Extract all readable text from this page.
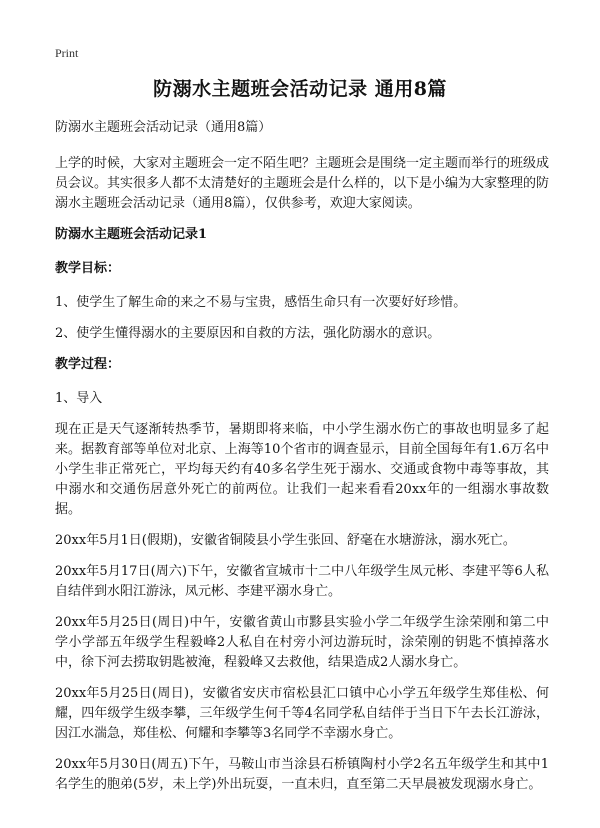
Print
防溺水主题班会活动记录 通用8篇

防溺水主题班会活动记录（通用8篇）

上学的时候，大家对主题班会一定不陌生吧？主题班会是围绕一定主题而举行的班级成员会议。其实很多人都不太清楚好的主题班会是什么样的，以下是小编为大家整理的防溺水主题班会活动记录（通用8篇），仅供参考，欢迎大家阅读。

防溺水主题班会活动记录1

教学目标：

1、使学生了解生命的来之不易与宝贵，感悟生命只有一次要好好珍惜。

2、使学生懂得溺水的主要原因和自救的方法，强化防溺水的意识。

教学过程：

1、导入

现在正是天气逐渐转热季节，暑期即将来临，中小学生溺水伤亡的事故也明显多了起来。据教育部等单位对北京、上海等10个省市的调查显示，目前全国每年有1.6万名中小学生非正常死亡，平均每天约有40多名学生死于溺水、交通或食物中毒等事故，其中溺水和交通伤居意外死亡的前两位。让我们一起来看看20xx年的一组溺水事故数据。

20xx年5月1日(假期)，安徽省铜陵县小学生张回、舒毫在水塘游泳，溺水死亡。

20xx年5月17日(周六)下午，安徽省宣城市十二中八年级学生凤元彬、李建平等6人私自结伴到水阳江游泳，凤元彬、李建平溺水身亡。

20xx年5月25日(周日)中午，安徽省黄山市黟县实验小学二年级学生涂荣刚和第二中学小学部五年级学生程毅峰2人私自在村旁小河边游玩时，涂荣刚的钥匙不慎掉落水中，徐下河去捞取钥匙被淹，程毅峰又去救他，结果造成2人溺水身亡。

20xx年5月25日(周日)，安徽省安庆市宿松县汇口镇中心小学五年级学生郑佳松、何耀，四年级学生级李攀，三年级学生何千等4名同学私自结伴于当日下午去长江游泳，因江水湍急，郑佳松、何耀和李攀等3名同学不幸溺水身亡。

20xx年5月30日(周五)下午，马鞍山市当涂县石桥镇陶村小学2名五年级学生和其中1名学生的胞弟(5岁，未上学)外出玩耍，一直未归，直至第二天早晨被发现溺水身亡。
